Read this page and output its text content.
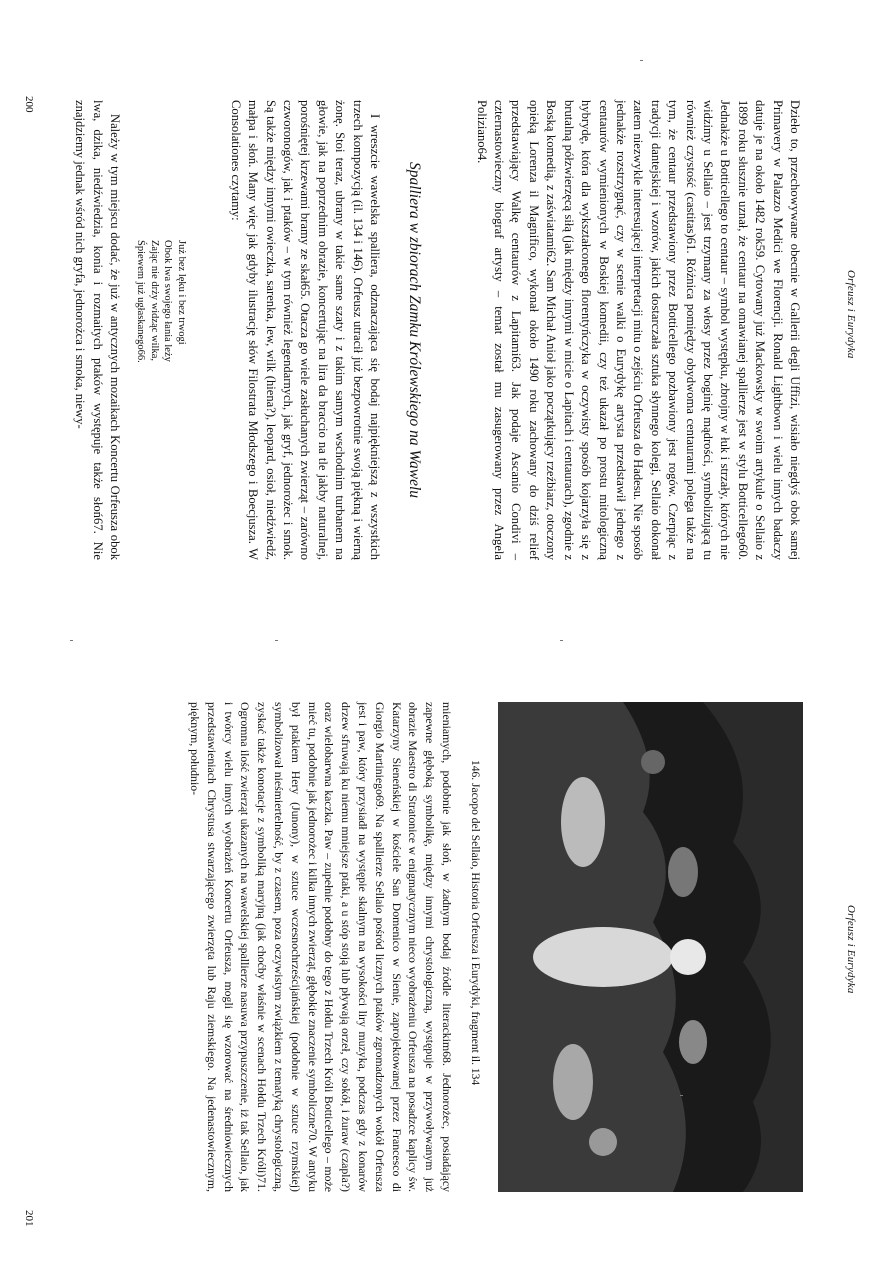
Orfeusz i Eurydyka
Dzieło to, przechowywane obecnie w Gallerii degli Uffizi, wisiało niegdyś obok samej Primavery w Palazzo Medici we Florencji. Ronald Lightbown i wielu innych badaczy datuje je na około 1482 rok59. Cytowany już Mackowsky w swoim artykule o Sellaio z 1899 roku słusznie uznał, że centaur na omawianej spallierze jest w stylu Botticellego60. Jednakże u Botticellego to centaur – symbol występku, zbrojny w łuk i strzały, których nie widzimy u Sellaio – jest trzymany za włosy przez boginię mądrości, symbolizującą tu również czystość (castitas)61. Różnica pomiędzy obydwoma centaurami polega także na tym, że centaur przedstawiony przez Botticellego pozbawiony jest rogów. Czerpiąc z tradycji dantejskiej i wzorów, jakich dostarczała sztuka słynnego kolegi, Sellaio dokonał zatem niezwykle interesującej interpretacji mitu o zejściu Orfeusza do Hadesu. Nie sposób jednakże rozstrzygnąć, czy w scenie walki o Eurydykę artysta przedstawił jednego z centaurów wymienionych w Boskiej komedii, czy też ukazał po prostu mitologiczną hybrydę, która dla wykształconego florentyńczyka w oczywisty sposób kojarzyła się z brutalną półzwierzęcą siłą (jak między innymi w micie o Lapitach i centaurach), zgodnie z Boską komedią, z zaświatami62. Sam Michał Anioł jako początkujący rzeźbiarz, otoczony opieką Lorenza il Magnifico, wykonał około 1490 roku zachowany do dziś relief przedstawiający Walkę centaurów z Lapitami63. Jak podaje Ascanio Condivi – czternastowieczny biograf artysty – temat został mu zasugerowany przez Angela Poliziano64.
Spalliera w zbiorach Zamku Królewskiego na Wawelu
I wreszcie wawelska spalliera, odznaczająca się bodaj najpiękniejszą z wszystkich trzech kompozycją (il. 134 i 146). Orfeusz utracił już bezpowrotnie swoją piękną i wierną żonę. Stoi teraz, ubrany w takie same szaty i z takim samym wschodnim turbanem na głowie, jak na poprzednim obrazie, koncertując na lira da braccio na tle jakby naturalnej, porośniętej krzewami bramy ze skał65. Otacza go wiele zasłuchanych zwierząt – zarówno czworonogów, jak i ptaków – w tym również legendarnych, jak gryf, jednorożec i smok. Są także między innymi owieczka, sarenka, lew, wilk (hiena?), leopard, osioł, niedźwiedź, małpa i słoń. Many więc jak gdyby ilustrację słów Filostrata Młodszego i Boecjusza. W Consolationes czytamy:
Już bez lęku i bez trwogi
Obok lwa swojego łania leży
Zając nie drży widząc wilka,
Śpiewem już ugłaskanego66.
Należy w tym miejscu dodać, że już w antycznych mozaikach Koncertu Orfeusza obok lwa, dzika, niedźwiedzia, konia i rozmaitych ptaków występuje także słoń67. Nie znajdziemy jednak wśród nich gryfa, jednorożca i smoka, niewy-
200
Orfeusz i Eurydyka
146. Jacopo del Sellaio, Historia Orfeusza i Eurydyki, fragment il. 134
mieniamych, podobnie jak słoń, w żadnym bodaj źródle literackim68. Jednorożec, posiadający zapewne głęboką symbolikę, między innymi chrystologiczną, występuje w przywoływanym już obrazie Maestro di Stratonice w enigmatycznym nieco wyobrażeniu Orfeusza na posadzce kaplicy św. Katarzyny Sieneńskiej w kościele San Domenico w Sienie, zaprojektowanej przez Francesco di Giorgio Martiniego69. Na spallierze Sellaio pośród licznych ptaków zgromadzonych wokół Orfeusza jest i paw, który przysiadł na występie skalnym na wysokości liry muzyka, podczas gdy z konarów drzew sfruwają ku niemu mniejsze ptaki, a u stóp stoją lub pływają orzeł, czy sokół, i żuraw (czapla?) oraz wielobarwna kaczka. Paw – zupełnie podobny do tego z Hołdu Trzech Króli Botticellego – może mieć tu, podobnie jak jednorożec i kilka innych zwierząt, głębokie znaczenie symboliczne70. W antyku był ptakiem Hery (Junony), w sztuce wczesnochrześcijańskiej (podobnie w sztuce rzymskiej) symbolizował nieśmiertelność, by z czasem, poza oczywistym związkiem z tematyką chrystologiczną, zyskać także konotacje z symboliką maryjną (jak choćby właśnie w scenach Hołdu Trzech Króli)71. Ogromna ilość zwierząt ukazanych na wawelskiej spallierze nasuwa przypuszczenie, iż tak Sellaio, jak i twórcy wielu innych wyobrażeń Koncertu Orfeusza, mogli się wzorować na średniowiecznych przedstawieniach Chrystusa stwarzającego zwierzęta lub Raju ziemskiego. Na jedenastowiecznym, pięknym, południo-
201
